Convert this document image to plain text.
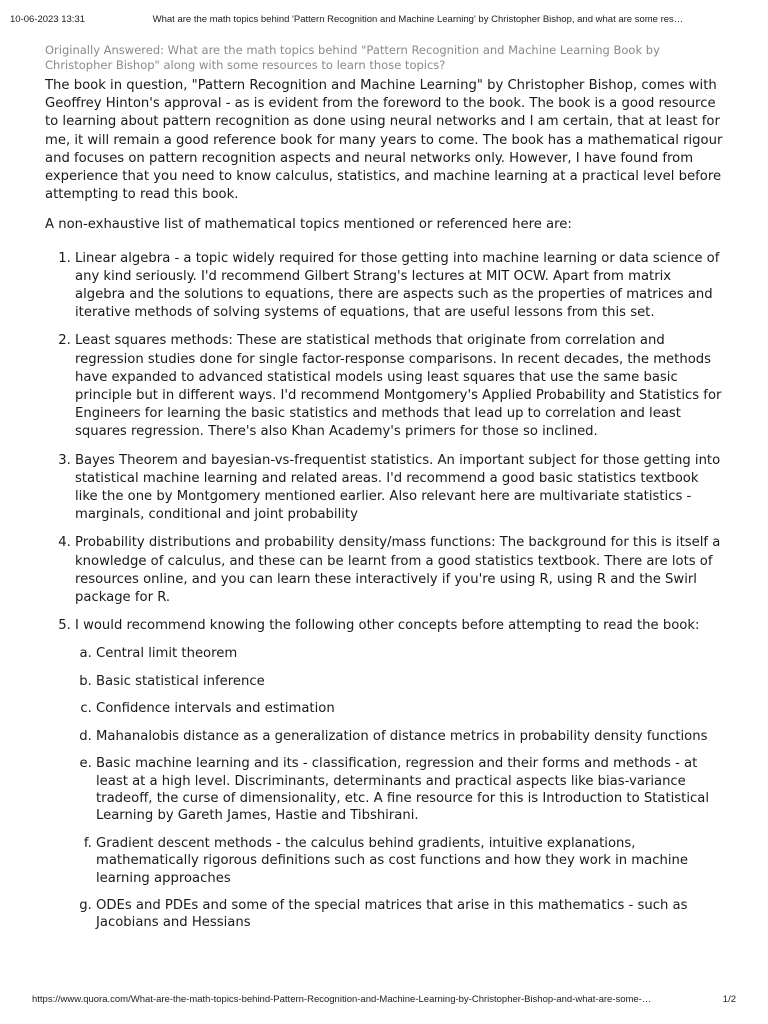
10-06-2023 13:31	What are the math topics behind 'Pattern Recognition and Machine Learning' by Christopher Bishop, and what are some res…
Originally Answered: What are the math topics behind "Pattern Recognition and Machine Learning Book by Christopher Bishop" along with some resources to learn those topics?

The book in question, "Pattern Recognition and Machine Learning" by Christopher Bishop, comes with Geoffrey Hinton's approval - as is evident from the foreword to the book. The book is a good resource to learning about pattern recognition as done using neural networks and I am certain, that at least for me, it will remain a good reference book for many years to come. The book has a mathematical rigour and focuses on pattern recognition aspects and neural networks only. However, I have found from experience that you need to know calculus, statistics, and machine learning at a practical level before attempting to read this book.

A non-exhaustive list of mathematical topics mentioned or referenced here are:

1. Linear algebra - a topic widely required for those getting into machine learning or data science of any kind seriously. I'd recommend Gilbert Strang's lectures at MIT OCW. Apart from matrix algebra and the solutions to equations, there are aspects such as the properties of matrices and iterative methods of solving systems of equations, that are useful lessons from this set.
2. Least squares methods: These are statistical methods that originate from correlation and regression studies done for single factor-response comparisons. In recent decades, the methods have expanded to advanced statistical models using least squares that use the same basic principle but in different ways. I'd recommend Montgomery's Applied Probability and Statistics for Engineers for learning the basic statistics and methods that lead up to correlation and least squares regression. There's also Khan Academy's primers for those so inclined.
3. Bayes Theorem and bayesian-vs-frequentist statistics. An important subject for those getting into statistical machine learning and related areas. I'd recommend a good basic statistics textbook like the one by Montgomery mentioned earlier. Also relevant here are multivariate statistics - marginals, conditional and joint probability
4. Probability distributions and probability density/mass functions: The background for this is itself a knowledge of calculus, and these can be learnt from a good statistics textbook. There are lots of resources online, and you can learn these interactively if you're using R, using R and the Swirl package for R.
5. I would recommend knowing the following other concepts before attempting to read the book:
a. Central limit theorem
b. Basic statistical inference
c. Confidence intervals and estimation
d. Mahanalobis distance as a generalization of distance metrics in probability density functions
e. Basic machine learning and its - classification, regression and their forms and methods - at least at a high level. Discriminants, determinants and practical aspects like bias-variance tradeoff, the curse of dimensionality, etc. A fine resource for this is Introduction to Statistical Learning by Gareth James, Hastie and Tibshirani.
f. Gradient descent methods - the calculus behind gradients, intuitive explanations, mathematically rigorous definitions such as cost functions and how they work in machine learning approaches
g. ODEs and PDEs and some of the special matrices that arise in this mathematics - such as Jacobians and Hessians
https://www.quora.com/What-are-the-math-topics-behind-Pattern-Recognition-and-Machine-Learning-by-Christopher-Bishop-and-what-are-some-…	1/2
